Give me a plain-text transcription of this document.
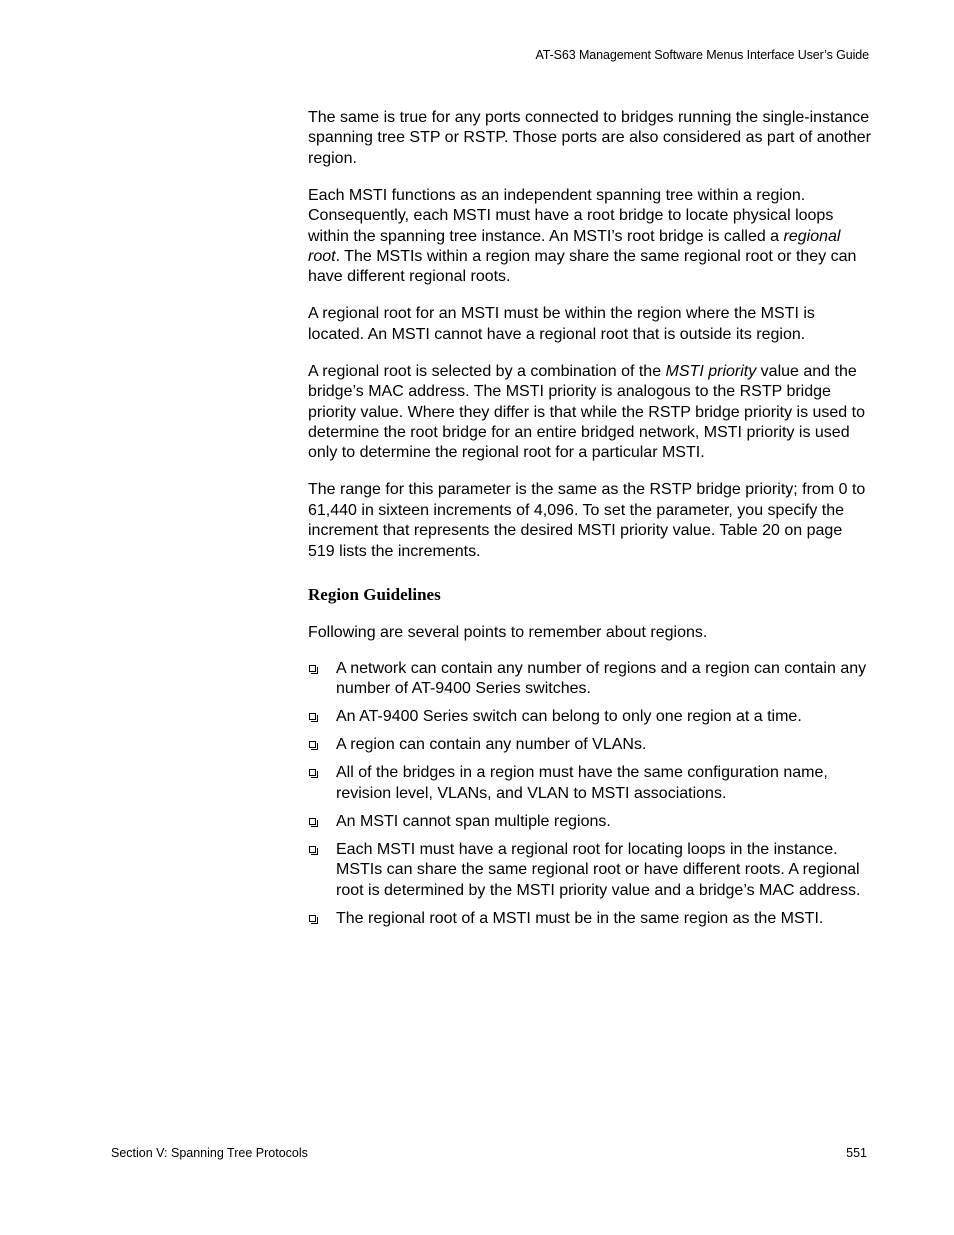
AT-S63 Management Software Menus Interface User’s Guide

The same is true for any ports connected to bridges running the single-instance spanning tree STP or RSTP. Those ports are also considered as part of another region.

Each MSTI functions as an independent spanning tree within a region. Consequently, each MSTI must have a root bridge to locate physical loops within the spanning tree instance. An MSTI’s root bridge is called a regional root. The MSTIs within a region may share the same regional root or they can have different regional roots.

A regional root for an MSTI must be within the region where the MSTI is located. An MSTI cannot have a regional root that is outside its region.

A regional root is selected by a combination of the MSTI priority value and the bridge’s MAC address. The MSTI priority is analogous to the RSTP bridge priority value. Where they differ is that while the RSTP bridge priority is used to determine the root bridge for an entire bridged network, MSTI priority is used only to determine the regional root for a particular MSTI.

The range for this parameter is the same as the RSTP bridge priority; from 0 to 61,440 in sixteen increments of 4,096. To set the parameter, you specify the increment that represents the desired MSTI priority value. Table 20 on page 519 lists the increments.

Region Guidelines
Following are several points to remember about regions.
A network can contain any number of regions and a region can contain any number of AT-9400 Series switches.
An AT-9400 Series switch can belong to only one region at a time.
A region can contain any number of VLANs.
All of the bridges in a region must have the same configuration name, revision level, VLANs, and VLAN to MSTI associations.
An MSTI cannot span multiple regions.
Each MSTI must have a regional root for locating loops in the instance. MSTIs can share the same regional root or have different roots. A regional root is determined by the MSTI priority value and a bridge’s MAC address.
The regional root of a MSTI must be in the same region as the MSTI.
Section V: Spanning Tree Protocols	551
